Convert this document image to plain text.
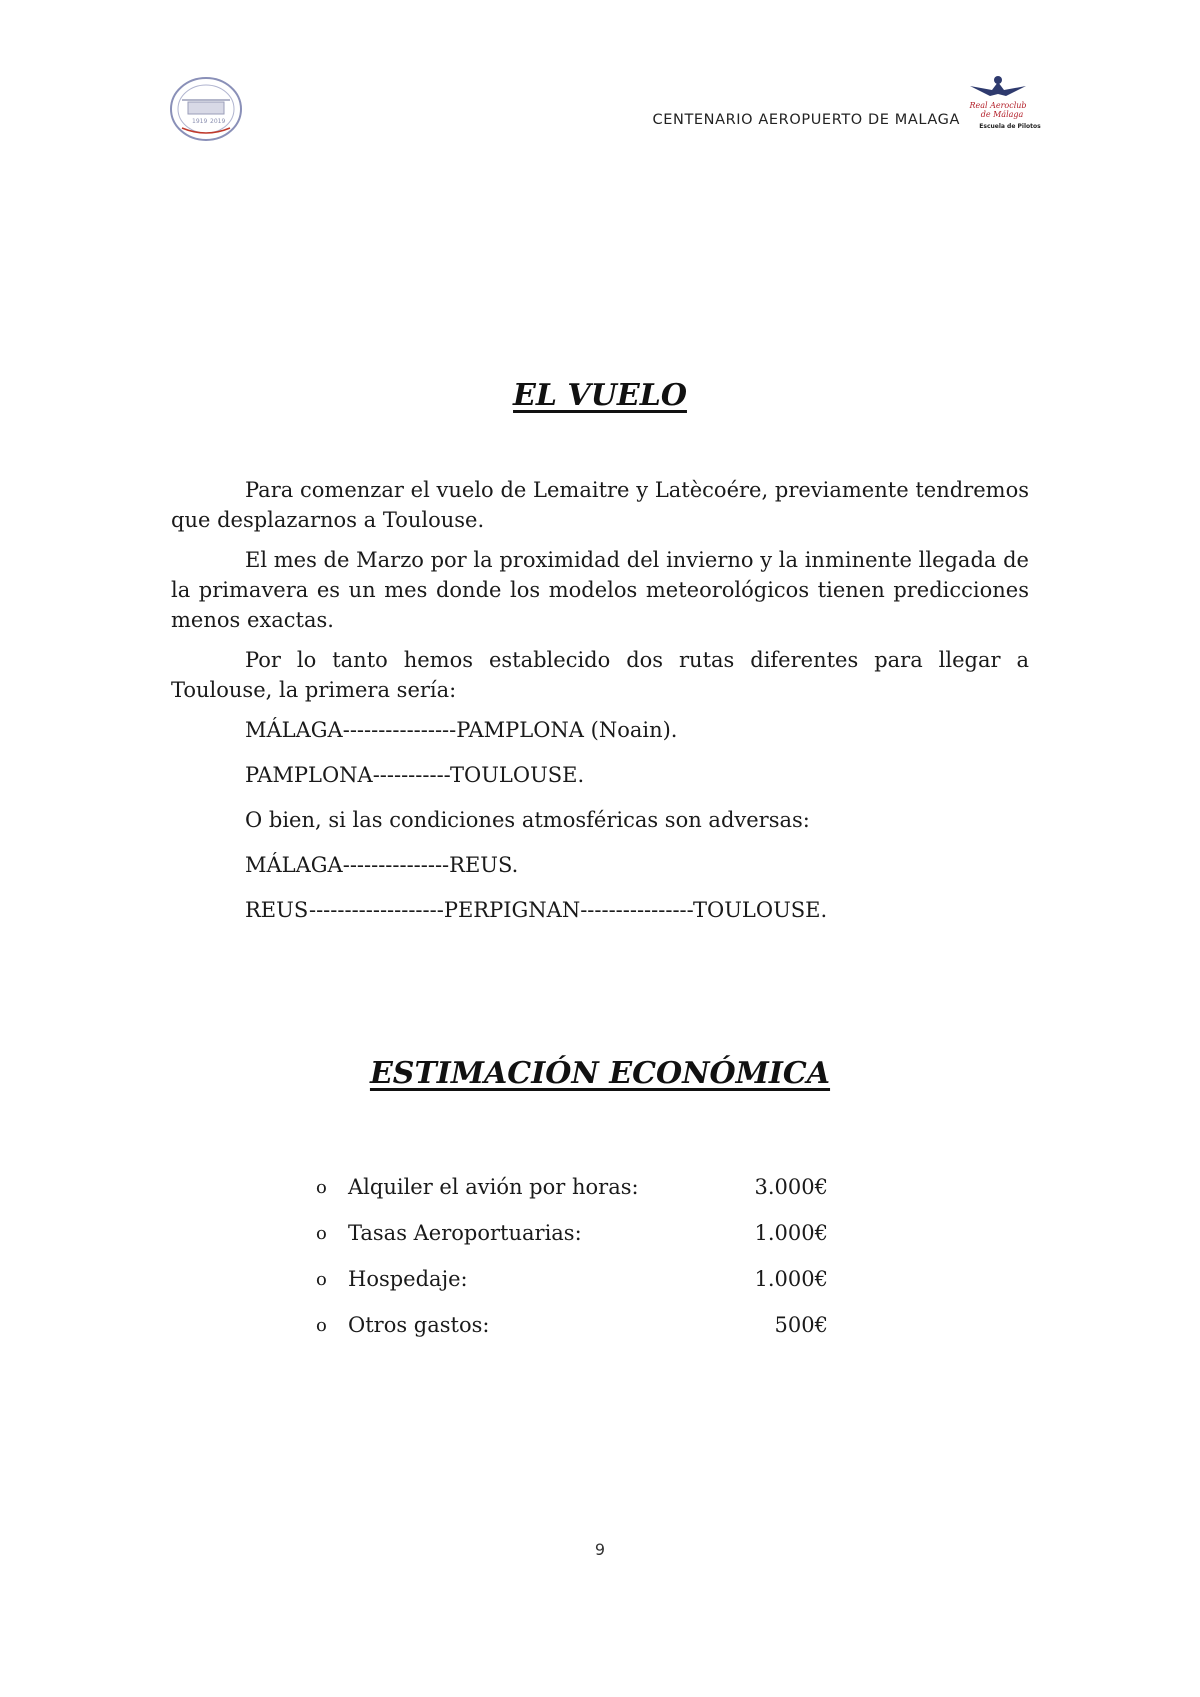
1919 2019	CENTENARIO AEROPUERTO DE MALAGA
Real Aeroclub
de Málaga
Escuela de Pilotos
EL VUELO

Para comenzar el vuelo de Lemaitre y Latècoére, previamente tendremos que desplazarnos a Toulouse.

El mes de Marzo por la proximidad del invierno y la inminente llegada de la primavera es un mes donde los modelos meteorológicos tienen predicciones menos exactas.

Por lo tanto hemos establecido dos rutas diferentes para llegar a Toulouse, la primera sería:

MÁLAGA----------------PAMPLONA (Noain).

PAMPLONA-----------TOULOUSE.

O bien, si las condiciones atmosféricas son adversas:

MÁLAGA---------------REUS.

REUS-------------------PERPIGNAN----------------TOULOUSE.

ESTIMACIÓN ECONÓMICA
o	Alquiler el avión por horas:	3.000€
o	Tasas Aeroportuarias:	1.000€
o	Hospedaje:	1.000€
o	Otros gastos:	500€
9
